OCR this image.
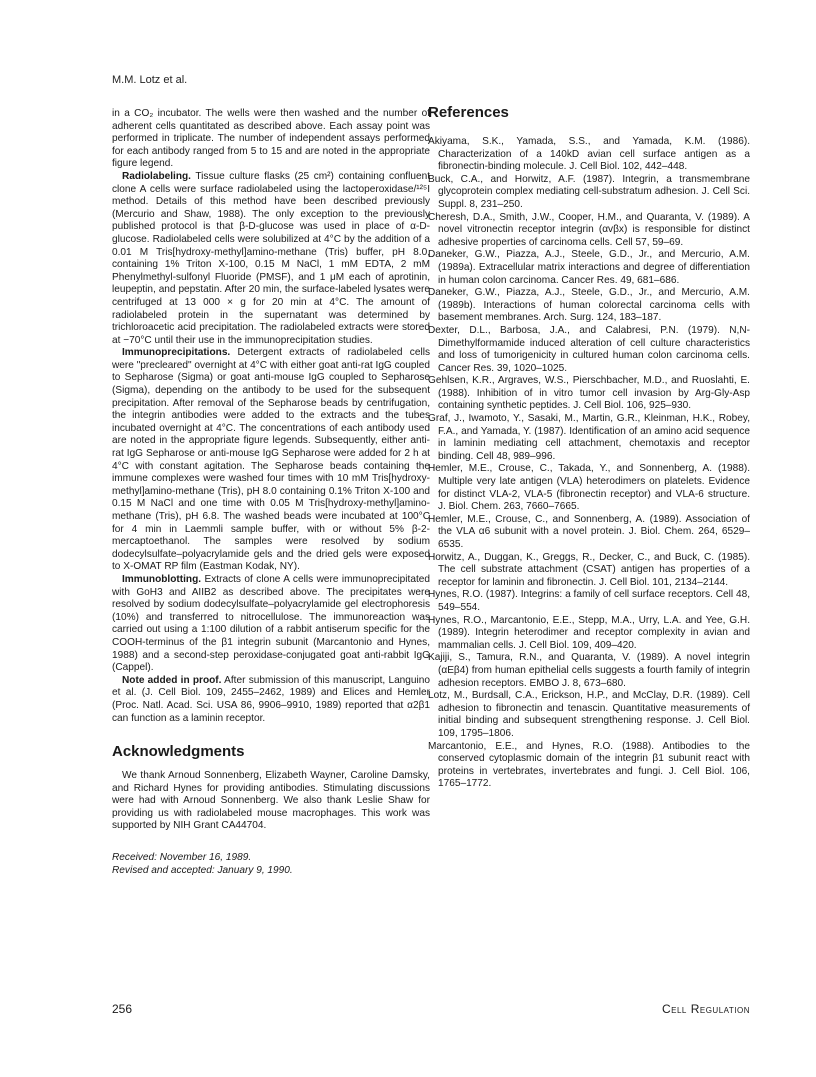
M.M. Lotz et al.

in a CO₂ incubator. The wells were then washed and the number of adherent cells quantitated as described above. Each assay point was performed in triplicate. The number of independent assays performed for each antibody ranged from 5 to 15 and are noted in the appropriate figure legend.

Radiolabeling. Tissue culture flasks (25 cm²) containing confluent clone A cells were surface radiolabeled using the lactoperoxidase/¹²⁵I method. Details of this method have been described previously (Mercurio and Shaw, 1988). The only exception to the previously published protocol is that β-D-glucose was used in place of α-D-glucose. Radiolabeled cells were solubilized at 4°C by the addition of a 0.01 M Tris[hydroxy-methyl]amino-methane (Tris) buffer, pH 8.0, containing 1% Triton X-100, 0.15 M NaCl, 1 mM EDTA, 2 mM Phenylmethyl-sulfonyl Fluoride (PMSF), and 1 μM each of aprotinin, leupeptin, and pepstatin. After 20 min, the surface-labeled lysates were centrifuged at 13 000 × g for 20 min at 4°C. The amount of radiolabeled protein in the supernatant was determined by trichloroacetic acid precipitation. The radiolabeled extracts were stored at −70°C until their use in the immunoprecipitation studies.

Immunoprecipitations. Detergent extracts of radiolabeled cells were "precleared" overnight at 4°C with either goat anti-rat IgG coupled to Sepharose (Sigma) or goat anti-mouse IgG coupled to Sepharose (Sigma), depending on the antibody to be used for the subsequent precipitation. After removal of the Sepharose beads by centrifugation, the integrin antibodies were added to the extracts and the tubes incubated overnight at 4°C. The concentrations of each antibody used are noted in the appropriate figure legends. Subsequently, either anti-rat IgG Sepharose or anti-mouse IgG Sepharose were added for 2 h at 4°C with constant agitation. The Sepharose beads containing the immune complexes were washed four times with 10 mM Tris[hydroxy-methyl]amino-methane (Tris), pH 8.0 containing 0.1% Triton X-100 and 0.15 M NaCl and one time with 0.05 M Tris[hydroxy-methyl]amino-methane (Tris), pH 6.8. The washed beads were incubated at 100°C for 4 min in Laemmli sample buffer, with or without 5% β-2-mercaptoethanol. The samples were resolved by sodium dodecylsulfate–polyacrylamide gels and the dried gels were exposed to X-OMAT RP film (Eastman Kodak, NY).

Immunoblotting. Extracts of clone A cells were immunoprecipitated with GoH3 and AIIB2 as described above. The precipitates were resolved by sodium dodecylsulfate–polyacrylamide gel electrophoresis (10%) and transferred to nitrocellulose. The immunoreaction was carried out using a 1:100 dilution of a rabbit antiserum specific for the COOH-terminus of the β1 integrin subunit (Marcantonio and Hynes, 1988) and a second-step peroxidase-conjugated goat anti-rabbit IgG (Cappel).

Note added in proof. After submission of this manuscript, Languino et al. (J. Cell Biol. 109, 2455–2462, 1989) and Elices and Hemler (Proc. Natl. Acad. Sci. USA 86, 9906–9910, 1989) reported that α2β1 can function as a laminin receptor.

Acknowledgments

We thank Arnoud Sonnenberg, Elizabeth Wayner, Caroline Damsky, and Richard Hynes for providing antibodies. Stimulating discussions were had with Arnoud Sonnenberg. We also thank Leslie Shaw for providing us with radiolabeled mouse macrophages. This work was supported by NIH Grant CA44704.

Received: November 16, 1989.
Revised and accepted: January 9, 1990.
References

Akiyama, S.K., Yamada, S.S., and Yamada, K.M. (1986). Characterization of a 140kD avian cell surface antigen as a fibronectin-binding molecule. J. Cell Biol. 102, 442–448.

Buck, C.A., and Horwitz, A.F. (1987). Integrin, a transmembrane glycoprotein complex mediating cell-substratum adhesion. J. Cell Sci. Suppl. 8, 231–250.

Cheresh, D.A., Smith, J.W., Cooper, H.M., and Quaranta, V. (1989). A novel vitronectin receptor integrin (αvβx) is responsible for distinct adhesive properties of carcinoma cells. Cell 57, 59–69.

Daneker, G.W., Piazza, A.J., Steele, G.D., Jr., and Mercurio, A.M. (1989a). Extracellular matrix interactions and degree of differentiation in human colon carcinoma. Cancer Res. 49, 681–686.

Daneker, G.W., Piazza, A.J., Steele, G.D., Jr., and Mercurio, A.M. (1989b). Interactions of human colorectal carcinoma cells with basement membranes. Arch. Surg. 124, 183–187.

Dexter, D.L., Barbosa, J.A., and Calabresi, P.N. (1979). N,N-Dimethylformamide induced alteration of cell culture characteristics and loss of tumorigenicity in cultured human colon carcinoma cells. Cancer Res. 39, 1020–1025.

Gehlsen, K.R., Argraves, W.S., Pierschbacher, M.D., and Ruoslahti, E. (1988). Inhibition of in vitro tumor cell invasion by Arg-Gly-Asp containing synthetic peptides. J. Cell Biol. 106, 925–930.

Graf, J., Iwamoto, Y., Sasaki, M., Martin, G.R., Kleinman, H.K., Robey, F.A., and Yamada, Y. (1987). Identification of an amino acid sequence in laminin mediating cell attachment, chemotaxis and receptor binding. Cell 48, 989–996.

Hemler, M.E., Crouse, C., Takada, Y., and Sonnenberg, A. (1988). Multiple very late antigen (VLA) heterodimers on platelets. Evidence for distinct VLA-2, VLA-5 (fibronectin receptor) and VLA-6 structure. J. Biol. Chem. 263, 7660–7665.

Hemler, M.E., Crouse, C., and Sonnenberg, A. (1989). Association of the VLA α6 subunit with a novel protein. J. Biol. Chem. 264, 6529–6535.

Horwitz, A., Duggan, K., Greggs, R., Decker, C., and Buck, C. (1985). The cell substrate attachment (CSAT) antigen has properties of a receptor for laminin and fibronectin. J. Cell Biol. 101, 2134–2144.

Hynes, R.O. (1987). Integrins: a family of cell surface receptors. Cell 48, 549–554.

Hynes, R.O., Marcantonio, E.E., Stepp, M.A., Urry, L.A. and Yee, G.H. (1989). Integrin heterodimer and receptor complexity in avian and mammalian cells. J. Cell Biol. 109, 409–420.

Kajiji, S., Tamura, R.N., and Quaranta, V. (1989). A novel integrin (αEβ4) from human epithelial cells suggests a fourth family of integrin adhesion receptors. EMBO J. 8, 673–680.

Lotz, M., Burdsall, C.A., Erickson, H.P., and McClay, D.R. (1989). Cell adhesion to fibronectin and tenascin. Quantitative measurements of initial binding and subsequent strengthening response. J. Cell Biol. 109, 1795–1806.

Marcantonio, E.E., and Hynes, R.O. (1988). Antibodies to the conserved cytoplasmic domain of the integrin β1 subunit react with proteins in vertebrates, invertebrates and fungi. J. Cell Biol. 106, 1765–1772.

256	Cell Regulation
